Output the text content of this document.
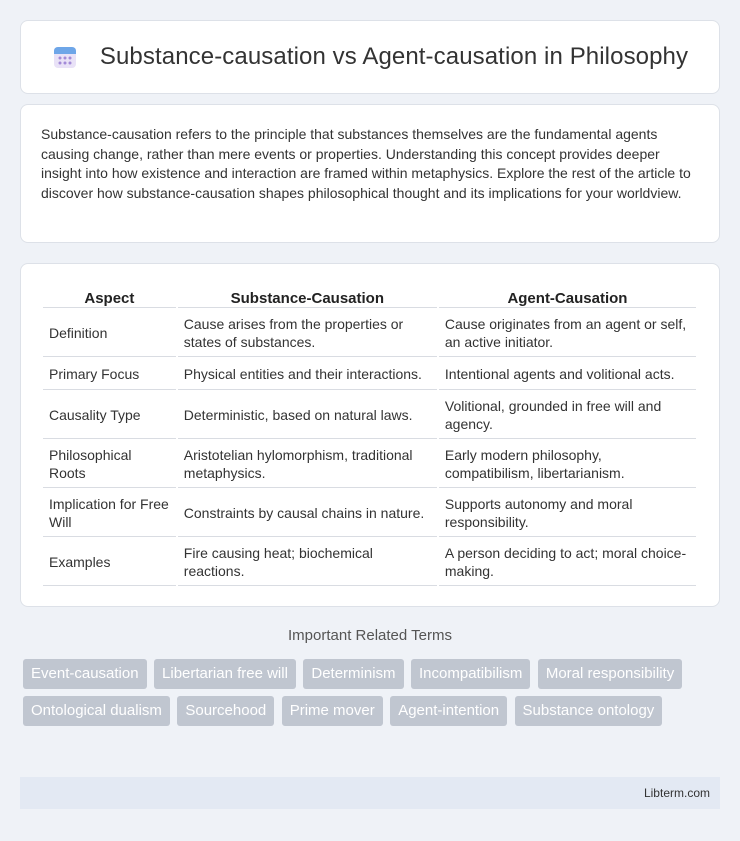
Substance-causation vs Agent-causation in Philosophy

Substance-causation refers to the principle that substances themselves are the fundamental agents causing change, rather than mere events or properties. Understanding this concept provides deeper insight into how existence and interaction are framed within metaphysics. Explore the rest of the article to discover how substance-causation shapes philosophical thought and its implications for your worldview.

Aspect	Substance-Causation	Agent-Causation
Definition	Cause arises from the properties or states of substances.	Cause originates from an agent or self, an active initiator.
Primary Focus	Physical entities and their interactions.	Intentional agents and volitional acts.
Causality Type	Deterministic, based on natural laws.	Volitional, grounded in free will and agency.
Philosophical Roots	Aristotelian hylomorphism, traditional metaphysics.	Early modern philosophy, compatibilism, libertarianism.
Implication for Free Will	Constraints by causal chains in nature.	Supports autonomy and moral responsibility.
Examples	Fire causing heat; biochemical reactions.	A person deciding to act; moral choice-making.
Important Related Terms
Event-causation Libertarian free will Determinism Incompatibilism Moral responsibility Ontological dualism Sourcehood Prime mover Agent-intention Substance ontology
Libterm.com
